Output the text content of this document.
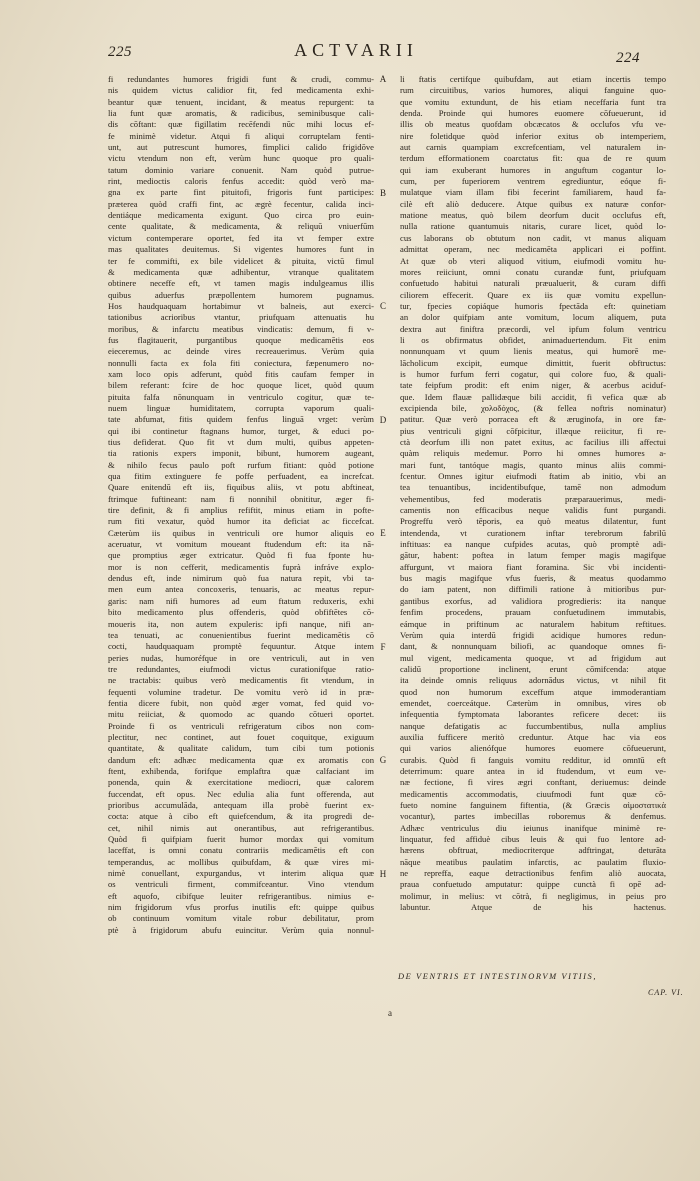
225	ACTVARII	224
fi redundantes humores frigidi funt & crudi, commu-
nis quidem victus calidior fit, fed medicamenta exhi-
beantur quæ tenuent, incidant, & meatus repurgent: ta
lia funt quæ aromatis, & radicibus, seminibusque cali-
dis cōftant: quæ figillatim recēfendi nūc mihi locus ef-
fe minimè videtur. Atqui fi aliqui corruptelam fenti-
unt, aut putrescunt humores, fimplici calido frigidōve
victu vtendum non eft, verùm hunc quoque pro quali-
tatum dominio variare conuenit. Nam quòd putrue-
rint, medioctis caloris fenfus accedit: quòd verò ma-
gna ex parte fint pituitofi, frigoris funt participes:
præterea quòd craffi fint, ac ægrè fecentur, calida inci-
dentiáque medicamenta exigunt. Quo circa pro euin-
cente qualitate, & medicamenta, & reliquū vniuerfūm
victum contemperare oportet, fed ita vt femper extre
mas qualitates deuitemus. Si vigentes humores funt in
ter fe commifti, ex bile videlicet & pituita, victū fimul
& medicamenta quæ adhibentur, vtranque qualitatem
obtinere neceffe eft, vt tamen magis indulgeamus illis
quibus aduerfus præpollentem humorem pugnamus.
Hos haudquaquam hortabimur vt balneis, aut exerci-
tationibus acrioribus vtantur, priufquam attenuatis hu
moribus, & infarctu meatibus vindicatis: demum, fi v-
fus flagitauerit, purgantibus quoque medicamētis eos
eieceremus, ac deinde vires recreauerimus. Verùm quia
nonnulli facta ex fola fiti coniectura, fæpenumero no-
xam loco opis adferunt, quòd fitis caufam femper in
bilem referant: fcire de hoc quoque licet, quòd quum
pituita falfa nōnunquam in ventriculo cogitur, quæ te-
nuem linguæ humiditatem, corrupta vaporum quali-
tate abfumat, fitis quidem fenfus linguā vrget: verùm
qui ibi continetur ftagnans humor, turget, & educi po-
tius defiderat. Quo fit vt dum multi, quibus appeten-
tia rationis expers imponit, bibunt, humorem augeant,
& nihilo fecus paulo poft rurfum fitiant: quòd potione
qua fitim extinguere fe poffe perfuadent, ea increfcat.
Quare enitendū eft iis, fiquibus aliis, vt potu abftineat,
ftrimque fuftineant: nam fi nonnihil obnititur, æger fi-
tire definit, & fi amplius refiftit, minus etiam in pofte-
rum fiti vexatur, quòd humor ita deficiat ac ficcefcat.
Cæterùm iis quibus in ventriculi ore humor aliquis eo
aceruatur, vt vomitum moueant ftudendum eft: ita nā-
que promptius æger extricatur. Quòd fi fua fponte hu-
mor is non cefferit, medicamentis fuprà infráve explo-
dendus eft, inde nimirum quò fua natura repit, vbi ta-
men eum antea concoxeris, tenuaris, ac meatus repur-
garis: nam nifi humores ad eum ftatum reduxeris, exhi
bito medicamento plus offenderis, quòd obfiftētes cō-
moueris ita, non autem expuleris: ipfi nanque, nifi an-
tea tenuati, ac conuenientibus fuerint medicamētis cō
cocti, haudquaquam promptè fequuntur. Atque intem
peries nudas, humoréfque in ore ventriculi, aut in ven
tre redundantes, eiufmodi victus curationifque ratio-
ne tractabis: quibus verò medicamentis fit vtendum, in
fequenti volumine tradetur. De vomitu verò id in præ-
fentia dicere fubit, non quòd æger vomat, fed quid vo-
mitu reiiciat, & quomodo ac quando cōtueri oportet.
Proinde fi os ventriculi refrigeratum cibos non com-
plectitur, nec continet, aut fouet coquitque, exiguum
quantitate, & qualitate calidum, tum cibi tum potionis
dandum eft: adhæc medicamenta quæ ex aromatis con
ftent, exhibenda, forifque emplaftra quæ calfaciant im
ponenda, quin & exercitatione mediocri, quæ calorem
fuccendat, eft opus. Nec edulia alia funt offerenda, aut
prioribus accumulāda, antequam illa probè fuerint ex-
cocta: atque à cibo eft quiefcendum, & ita progredi de-
cet, nihil nimis aut onerantibus, aut refrigerantibus.
Quòd fi quifpiam fuerit humor mordax qui vomitum
laceffat, is omni conatu contrariis medicamētis eft con
temperandus, ac mollibus quibufdam, & quæ vires mi-
nimè conuellant, expurgandus, vt interim aliqua quæ
os ventriculi firment, commifceantur. Vino vtendum
eft aquofo, cibifque leuiter refrigerantibus. nimius e-
nim frigidorum vfus prorfus inutilis eft: quippe quibus
ob continuum vomitum vitale robur debilitatur, prom
ptè à frigidorum abufu euincitur. Verùm quia nonnul-
A
B
C
D
E
F
G
H
li ftatis certifque quibufdam, aut etiam incertis tempo
rum circuitibus, varios humores, aliqui fanguine quo-
que vomitu extundunt, de his etiam neceffaria funt tra
denda. Proinde qui humores euomere cōfueuerunt, id
illis ob meatus quofdam obcæcatos & occlufos vfu ve-
nire foletidque quòd inferior exitus ob intemperiem,
aut carnis quampiam excrefcentiam, vel naturalem in-
terdum efformationem coarctatus fit: qua de re quum
qui iam exuberant humores in anguftum cogantur lo-
cum, per fuperiorem ventrem egrediuntur, eóque fi-
mulatque viam illam fibi fecerint familiarem, haud fa-
cilè eft aliò deducere. Atque quibus ex naturæ confor-
matione meatus, quò bilem deorfum ducit occlufus eft,
nulla ratione quantumuis nitaris, curare licet, quòd lo-
cus laborans ob obtutum non cadit, vt manus aliquam
admittat operam, nec medicamēta applicari ei poffint.
At quæ ob vteri aliquod vitium, eiufmodi vomitu hu-
mores reiiciunt, omni conatu curandæ funt, priufquam
confuetudo habitui naturali præualuerit, & curam diffi
ciliorem effecerit. Quare ex iis quæ vomitu expellun-
tur, fpecies copiáque humoris fpectāda eft: quinetiam
an dolor quifpiam ante vomitum, locum aliquem, puta
dextra aut finiftra præcordi, vel ipfum folum ventricu
li os obfirmatus obfidet, animaduertendum. Fit enim
nonnunquam vt quum lienis meatus, qui humorē me-
lācholicum excipit, eumque dimittit, fuerit obftructus:
is humor furfum ferri cogatur, qui colore fuo, & quali-
tate feipfum prodit: eft enim niger, & acerbus aciduf-
que. Idem flauæ pallidæque bili accidit, fi vefica quæ ab
excipienda bile, χολοδόχος, (& fellea noftris nominatur)
patitur. Quæ verò porracea eft & æruginofa, in ore fæ-
pius ventriculi gigni cōfpicitur, illæque reiicitur, fi re-
ctà deorfum illi non patet exitus, ac facilius illi affectui
quàm reliquis medemur. Porro hi omnes humores a-
mari funt, tantóque magis, quanto minus aliis commi-
fcentur. Omnes igitur eiufmodi ftatim ab initio, vbi an
tea tenuantibus, incidentibufque, tamē non admodum
vehementibus, fed moderatis præparauerimus, medi-
camentis non efficacibus neque validis funt purgandi.
Progreffu verò tēporis, ea quò meatus dilatentur, funt
intendenda, vt curationem inftar terebrorum fabrilū
inftituas: ea nanque cufpides acutas, quò promptè adi-
gātur, habent: poftea in latum femper magis magifque
affurgunt, vt maiora fiant foramina. Sic vbi incidenti-
bus magis magifque vfus fueris, & meatus quodammo
do iam patent, non diffimili ratione à mitioribus pur-
gantibus exorfus, ad validiora progredieris: ita nanque
fenfim procedens, prauam confuetudinem immutabis,
eámque in priftinum ac naturalem habitum reftitues.
Verùm quia interdū frigidi acidique humores redun-
dant, & nonnunquam biliofi, ac quandoque omnes fi-
mul vigent, medicamenta quoque, vt ad frigidum aut
calidū proportione inclinent, erunt cōmifcenda: atque
ita deinde omnis reliquus adornādus victus, vt nihil fit
quod non humorum exceffum atque immoderantiam
emendet, coerceátque. Cæterùm in omnibus, vires ob
infequentia fymptomata laborantes reficere decet: iis
nanque defatigatis ac fuccumbentibus, nulla amplius
auxilia fufficere meritò creduntur. Atque hac via eos
qui varios alienófque humores euomere cōfueuerunt,
curabis. Quòd fi fanguis vomitu redditur, id omnīū eft
deterrimum: quare antea in id ftudendum, vt eum ve-
næ fectione, fi vires ægri conftant, deriuemus: deinde
medicamentis accommodatis, ciuufmodi funt quæ cō-
fueto nomine fanguinem fiftentia, (& Græcis αἱμοστατικὰ
vocantur), partes imbecillas roboremus & denfemus.
Adhæc ventriculus diu ieiunus inanifque minimè re-
linquatur, fed affiduè cibus leuis & qui fuo lentore ad-
hærens obftruat, mediocriterque adftringat, deturāta
nāque meatibus paulatim infarctis, ac paulatim fluxio-
ne repreffa, eaque detractionibus fenfim aliò auocata,
praua confuetudo amputatur: quippe cunctà fi opē ad-
molimur, in melius: vt cōtrà, fi negligimus, in peius pro
labuntur. Atque de his hactenus.
DE VENTRIS ET INTESTINORVM VITIIS,
CAP. VI.
a
